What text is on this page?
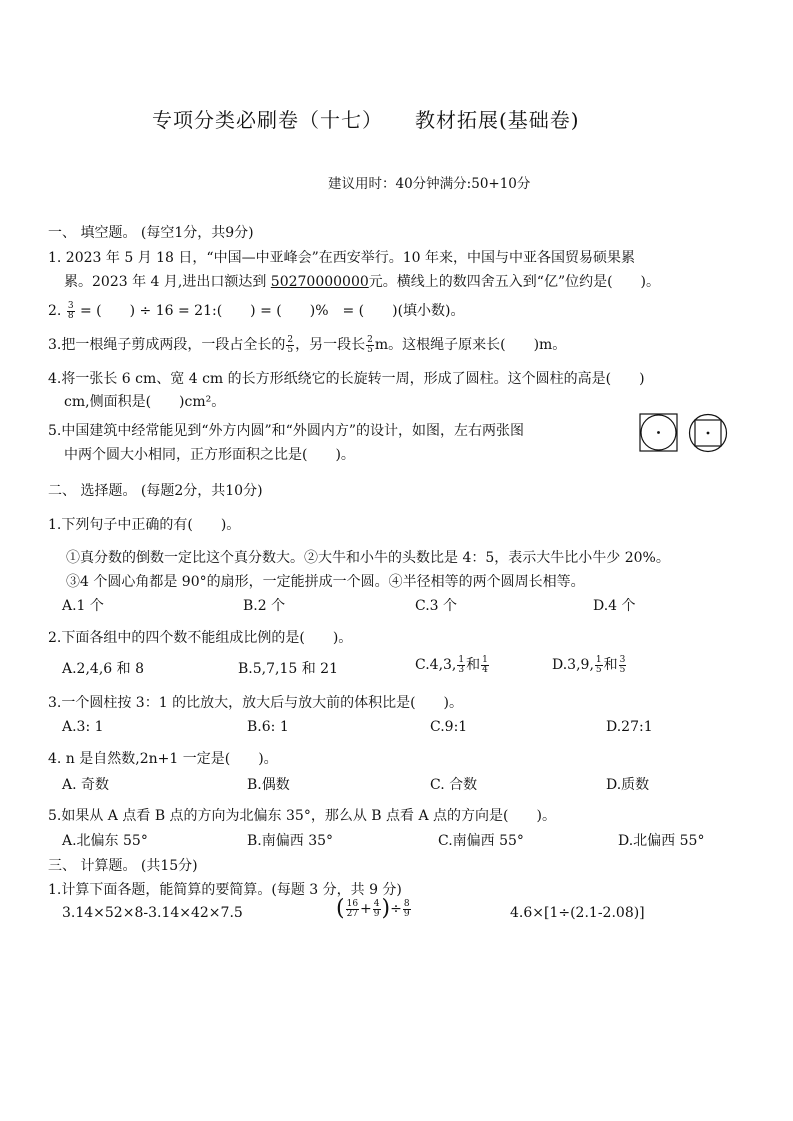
专项分类必刷卷（十七）　　教材拓展(基础卷)
建议用时：40分钟满分:50+10分
一、 填空题。 (每空1分，共9分)
1. 2023 年 5 月 18 日，“中国—中亚峰会”在西安举行。10 年来，中国与中亚各国贸易硕果累
累。2023 年 4 月,进出口额达到 50270000000元。横线上的数四舍五入到“亿”位约是(　　)。
2. $\frac{3}{8}$ = (　　) ÷ 16 = 21:(　　) = (　　)%　= (　　)(填小数)。
3.把一根绳子剪成两段，一段占全长的 $\frac{2}{5}$ ，另一段长 $\frac{2}{5}$ m。这根绳子原来长(　　)m。
4.将一张长 6 cm、宽 4 cm 的长方形纸绕它的长旋转一周，形成了圆柱。这个圆柱的高是(　　)
cm,侧面积是(　　)cm²。
5.中国建筑中经常能见到“外方内圆”和“外圆内方”的设计，如图，左右两张图
中两个圆大小相同，正方形面积之比是(　　)。
二、 选择题。 (每题2分，共10分)
1.下列句子中正确的有(　　)。
①真分数的倒数一定比这个真分数大。②大牛和小牛的头数比是 4：5，表示大牛比小牛少 20%。
③4 个圆心角都是 90°的扇形，一定能拼成一个圆。④半径相等的两个圆周长相等。
A.1 个	B.2 个	C.3 个	D.4 个
2.下面各组中的四个数不能组成比例的是(　　)。
A.2,4,6 和 8	B.5,7,15 和 21	C.4,3, $\frac{1}{3}$ 和 $\frac{1}{4}$	D.3,9, $\frac{1}{5}$ 和 $\frac{3}{5}$
3.一个圆柱按 3：1 的比放大，放大后与放大前的体积比是(　　)。
A.3: 1	B.6: 1	C.9:1	D.27:1
4. n 是自然数,2n+1 一定是(　　)。
A. 奇数	B.偶数	C. 合数	D.质数
5.如果从 A 点看 B 点的方向为北偏东 35°，那么从 B 点看 A 点的方向是(　　)。
A.北偏东 55°	B.南偏西 35°	C.南偏西 55°	D.北偏西 55°
三、 计算题。 (共15分)
1.计算下面各题，能简算的要简算。(每题 3 分，共 9 分)
3.14×52×8-3.14×42×7.5	( $\frac{16}{27} + \frac{4}{9}$ )÷ $\frac{8}{9}$	4.6×[1÷(2.1-2.08)]
